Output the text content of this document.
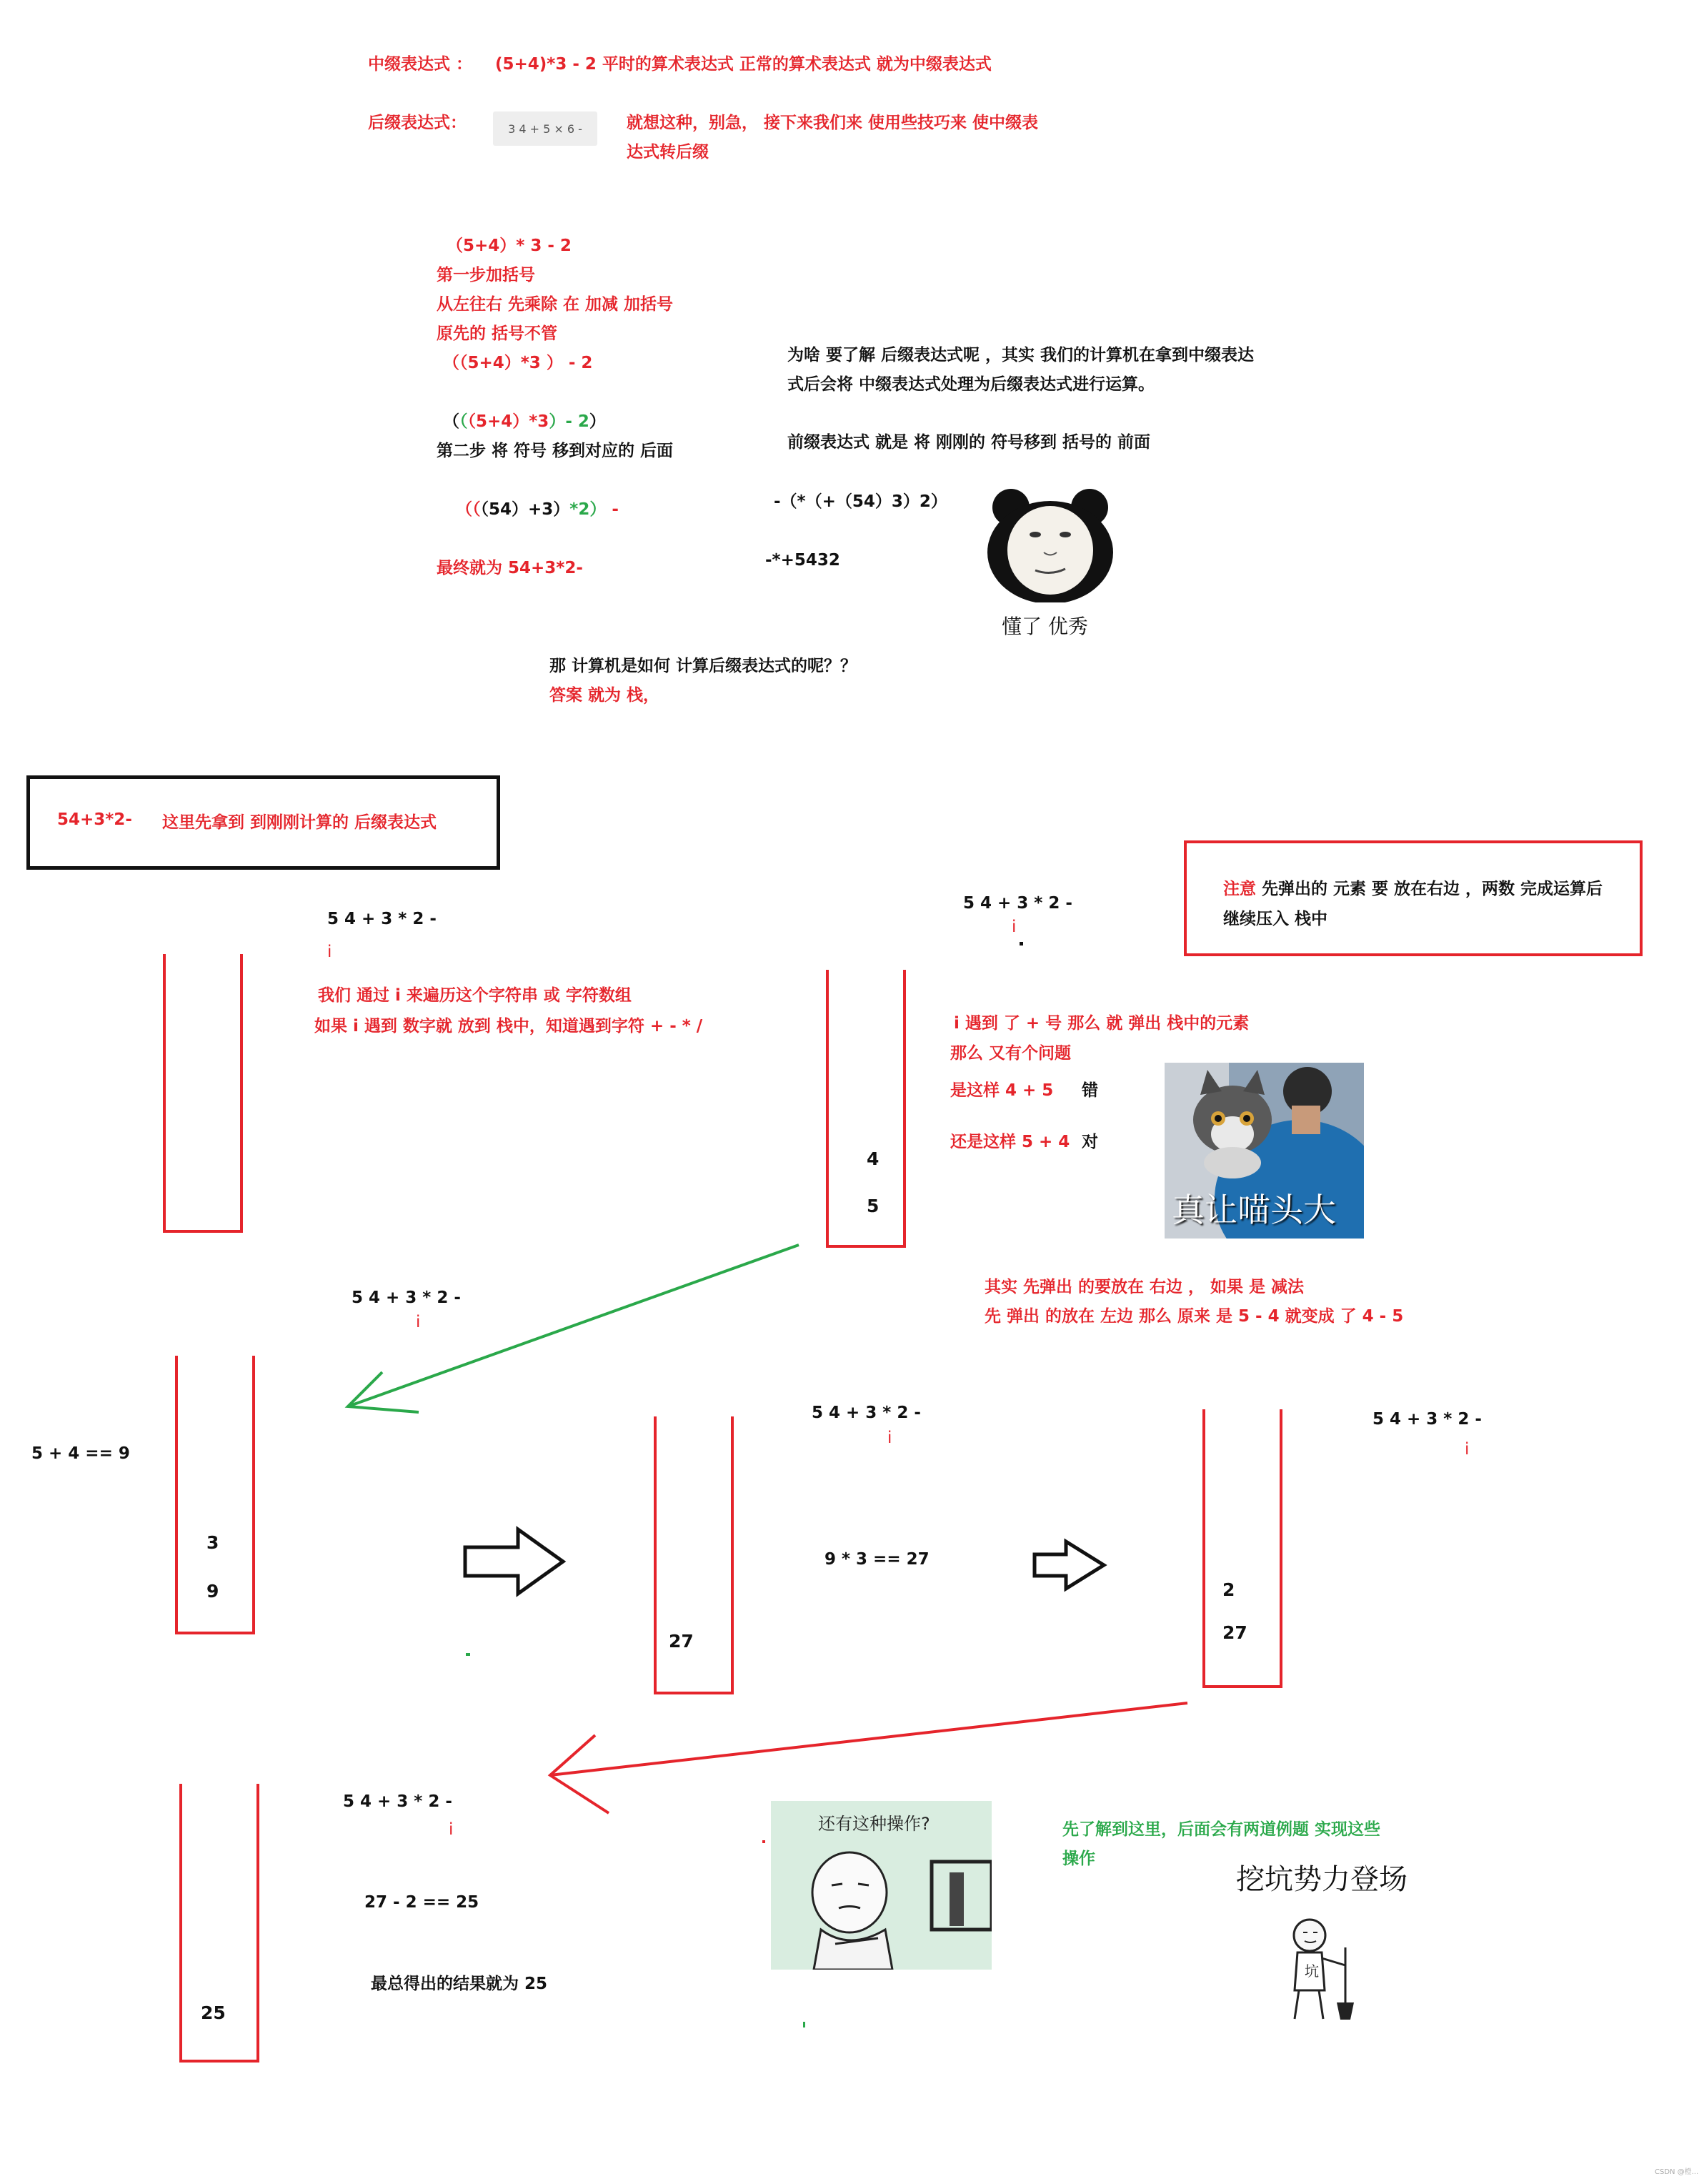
中缀表达式 ： (5+4)*3 - 2 平时的算术表达式 正常的算术表达式 就为中缀表达式
后缀表达式：	3 4 + 5 × 6 -	就想这种，别急， 接下来我们来 使用些技巧来 使中缀表
达式转后缀
（5+4）* 3 - 2
第一步加括号
从左往右 先乘除 在 加减 加括号
原先的 括号不管
（（5+4）*3 ） - 2
（（（5+4）*3）- 2）
第二步 将 符号 移到对应的 后面
（（（54）+3）*2） -
最终就为 54+3*2-
为啥 要了解 后缀表达式呢 ，其实 我们的计算机在拿到中缀表达
式后会将 中缀表达式处理为后缀表达式进行运算。
前缀表达式 就是 将 刚刚的 符号移到 括号的 前面
-（*（+（54）3）2）
-*+5432
懂了 优秀
那 计算机是如何 计算后缀表达式的呢？？
答案 就为 栈，
54+3*2- 这里先拿到 到刚刚计算的 后缀表达式
注意 先弹出的 元素 要 放在右边 ，两数 完成运算后
继续压入 栈中
5 4 + 3 * 2 -
i
我们 通过 i 来遍历这个字符串 或 字符数组
如果 i 遇到 数字就 放到 栈中，知道遇到字符 + - * /
5 4 + 3 * 2 -
i
4
5
i 遇到 了 + 号 那么 就 弹出 栈中的元素
那么 又有个问题
是这样 4 + 5 错
还是这样 5 + 4 对
真让喵头大
其实 先弹出 的要放在 右边 ， 如果 是 减法
先 弹出 的放在 左边 那么 原来 是 5 - 4 就变成 了 4 - 5
5 4 + 3 * 2 -
i
5 + 4 == 9
3
9
5 4 + 3 * 2 -
i
27
9 * 3 == 27
5 4 + 3 * 2 -
i
2
27
25
5 4 + 3 * 2 -
i
27 - 2 == 25
最总得出的结果就为 25
还有这种操作?	先了解到这里，后面会有两道例题 实现这些
操作
挖坑势力登场
坑
CSDN @橙...
